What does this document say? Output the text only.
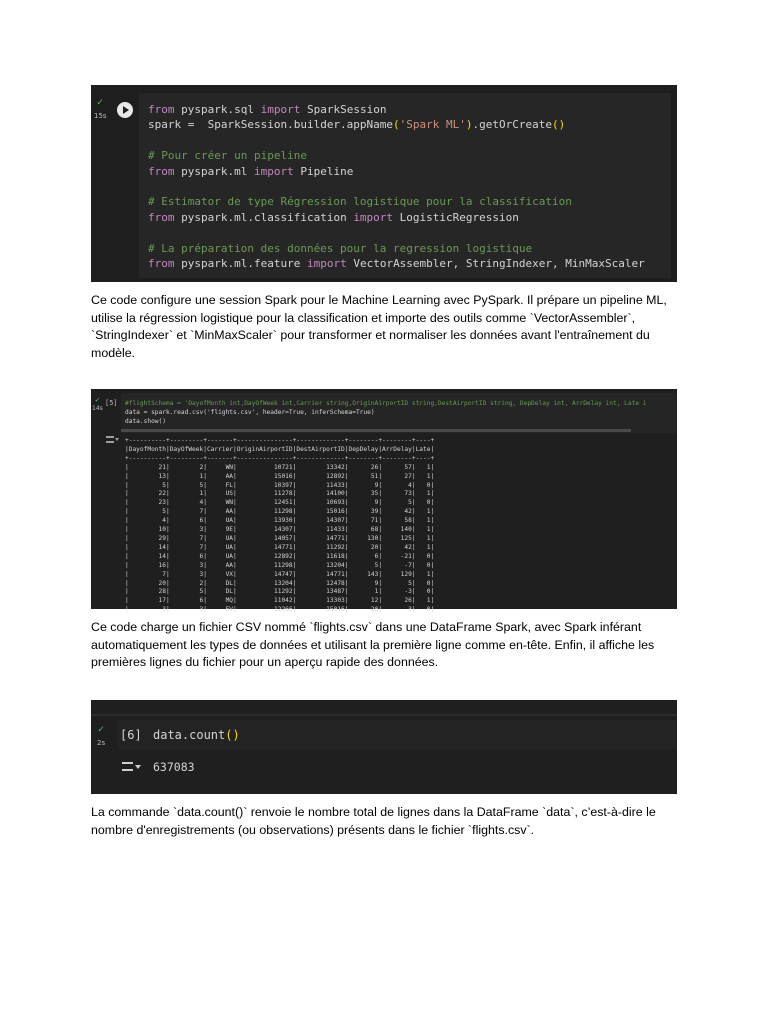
✓
15s	from pyspark.sql import SparkSession
spark =  SparkSession.builder.appName('Spark ML').getOrCreate()
# Pour créer un pipeline
from pyspark.ml import Pipeline
# Estimator de type Régression logistique pour la classification
from pyspark.ml.classification import LogisticRegression
# La préparation des données pour la regression logistique
from pyspark.ml.feature import VectorAssembler, StringIndexer, MinMaxScaler

Ce code configure une session Spark pour le Machine Learning avec PySpark. Il prépare un pipeline ML, utilise la régression logistique pour la classification et importe des outils comme `VectorAssembler`, `StringIndexer` et `MinMaxScaler` pour transformer et normaliser les données avant l'entraînement du modèle.

✓
14s
[5] #flightSchema = 'DayofMonth int,DayOfWeek int,Carrier string,OriginAirportID string,DestAirportID string, DepDelay int, ArrDelay int, Late i
data = spark.read.csv('flights.csv', header=True, inferSchema=True)
data.show()
+----------+---------+-------+---------------+-------------+--------+--------+----+
|DayofMonth|DayOfWeek|Carrier|OriginAirportID|DestAirportID|DepDelay|ArrDelay|Late|
+----------+---------+-------+---------------+-------------+--------+--------+----+
|        21|        2|     WN|          10721|        13342|      26|      57|   1|
|        13|        1|     AA|          15016|        12892|      51|      27|   1|
|         5|        5|     FL|          10397|        11433|       9|       4|   0|
|        22|        1|     US|          11278|        14100|      35|      73|   1|
|        23|        4|     WN|          12451|        10693|       9|       5|   0|
|         5|        7|     AA|          11298|        15016|      39|      42|   1|
|         4|        6|     UA|          13930|        14307|      71|      58|   1|
|        10|        3|     9E|          14307|        11433|      68|     140|   1|
|        29|        7|     UA|          14057|        14771|     130|     125|   1|
|        14|        7|     UA|          14771|        11292|      20|      42|   1|
|        14|        6|     UA|          12892|        11618|       6|     -21|   0|
|        16|        3|     AA|          11298|        13204|       5|      -7|   0|
|         7|        3|     VX|          14747|        14771|     143|     129|   1|
|        20|        2|     DL|          13204|        12478|       9|       5|   0|
|        28|        5|     DL|          11292|        13487|       1|      -3|   0|
|        17|        6|     MQ|          11042|        13303|      12|      26|   1|
|         3|        3|     EV|          12266|        15016|      20|       3|   0|

Ce code charge un fichier CSV nommé `flights.csv` dans une DataFrame Spark, avec Spark inférant automatiquement les types de données et utilisant la première ligne comme en-tête. Enfin, il affiche les premières lignes du fichier pour un aperçu rapide des données.

✓
2s
[6] data.count()
637083

La commande `data.count()` renvoie le nombre total de lignes dans la DataFrame `data`, c’est-à-dire le nombre d'enregistrements (ou observations) présents dans le fichier `flights.csv`.
